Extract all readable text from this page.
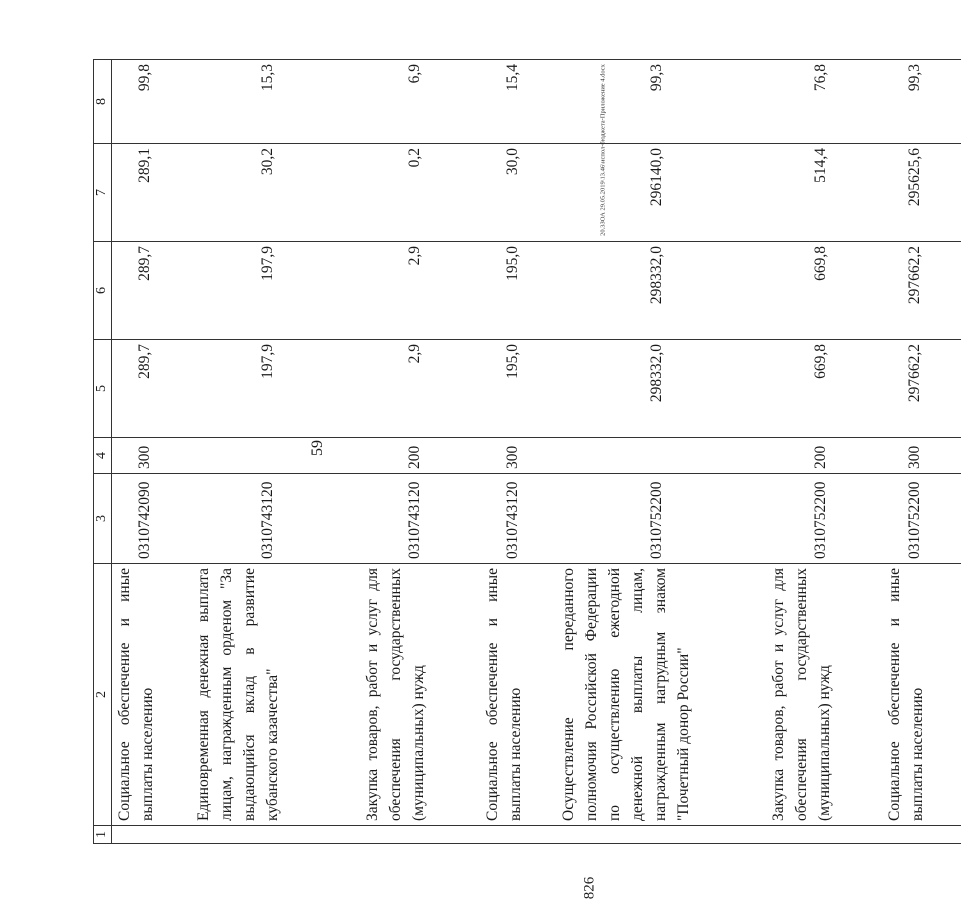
59
20.3ЗОА 29.05.2019\13.46\испол-бюджета-Приложение 4.docx
826
1	2	3	4	5	6	7	8
	Социальное обеспечение и иные выплаты населению	0310742090	300	289,7	289,7	289,1	99,8
	Единовременная денежная выплата лицам, награжденным орденом "За выдающийся вклад в развитие кубанского казачества"	0310743120		197,9	197,9	30,2	15,3
	Закупка товаров, работ и услуг для обеспечения государственных (муниципальных) нужд	0310743120	200	2,9	2,9	0,2	6,9
	Социальное обеспечение и иные выплаты населению	0310743120	300	195,0	195,0	30,0	15,4
	Осуществление переданного полномочия Российской Федерации по осуществлению ежегодной денежной выплаты лицам, награжденным нагрудным знаком "Почетный донор России"	0310752200		298332,0	298332,0	296140,0	99,3
	Закупка товаров, работ и услуг для обеспечения государственных (муниципальных) нужд	0310752200	200	669,8	669,8	514,4	76,8
	Социальное обеспечение и иные выплаты населению	0310752200	300	297662,2	297662,2	295625,6	99,3
